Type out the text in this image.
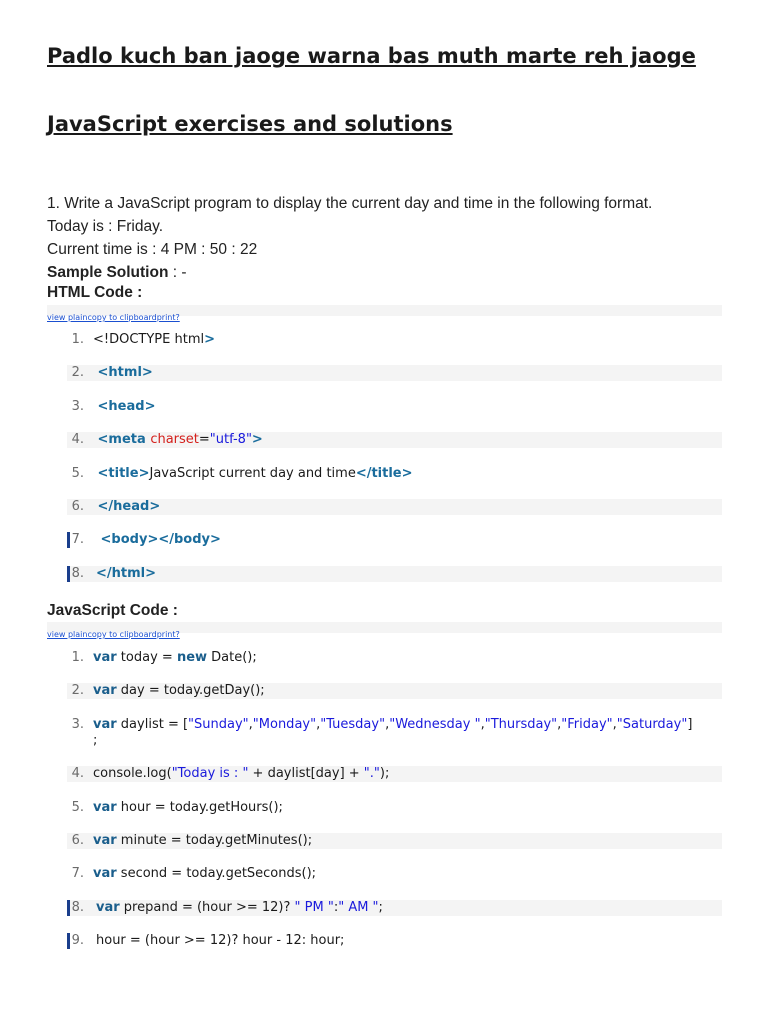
Padlo kuch ban jaoge warna bas muth marte reh jaoge
JavaScript exercises and solutions
1. Write a JavaScript program to display the current day and time in the following format.
Today is : Friday.
Current time is : 4 PM : 50 : 22
Sample Solution : -
HTML Code :
view plaincopy to clipboardprint?
1. <!DOCTYPE html>
2. <html>
3. <head>
4. <meta charset="utf-8">
5. <title>JavaScript current day and time</title>
6. </head>
7. <body></body>
8. </html>
JavaScript Code :
view plaincopy to clipboardprint?
1. var today = new Date();
2. var day = today.getDay();
3. var daylist = ["Sunday","Monday","Tuesday","Wednesday ","Thursday","Friday","Saturday"]
;
4. console.log("Today is : " + daylist[day] + ".");
5. var hour = today.getHours();
6. var minute = today.getMinutes();
7. var second = today.getSeconds();
8. var prepand = (hour >= 12)? " PM ":" AM ";
9. hour = (hour >= 12)? hour - 12: hour;
